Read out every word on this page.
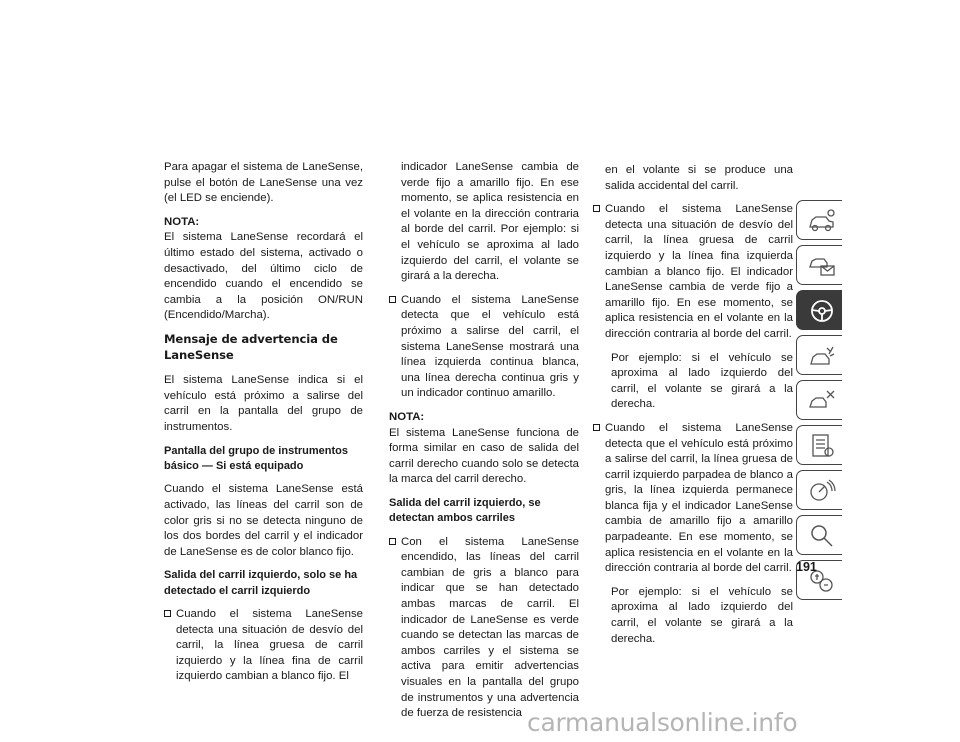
Para apagar el sistema de LaneSense, pulse el botón de LaneSense una vez (el LED se enciende).

NOTA:

El sistema LaneSense recordará el último estado del sistema, activado o desactivado, del último ciclo de encendido cuando el encendido se cambia a la posición ON/RUN (Encendido/Marcha).

Mensaje de advertencia de LaneSense

El sistema LaneSense indica si el vehículo está próximo a salirse del carril en la pantalla del grupo de instrumentos.

Pantalla del grupo de instrumentos básico — Si está equipado

Cuando el sistema LaneSense está activado, las líneas del carril son de color gris si no se detecta ninguno de los dos bordes del carril y el indicador de LaneSense es de color blanco fijo.

Salida del carril izquierdo, solo se ha detectado el carril izquierdo
Cuando el sistema LaneSense detecta una situación de desvío del carril, la línea gruesa de carril izquierdo y la línea fina de carril izquierdo cambian a blanco fijo. El
indicador LaneSense cambia de verde fijo a amarillo fijo. En ese momento, se aplica resistencia en el volante en la dirección contraria al borde del carril. Por ejemplo: si el vehículo se aproxima al lado izquierdo del carril, el volante se girará a la derecha.
Cuando el sistema LaneSense detecta que el vehículo está próximo a salirse del carril, el sistema LaneSense mostrará una línea izquierda continua blanca, una línea derecha continua gris y un indicador continuo amarillo.
NOTA:

El sistema LaneSense funciona de forma similar en caso de salida del carril derecho cuando solo se detecta la marca del carril derecho.

Salida del carril izquierdo, se detectan ambos carriles
Con el sistema LaneSense encendido, las líneas del carril cambian de gris a blanco para indicar que se han detectado ambas marcas de carril. El indicador de LaneSense es verde cuando se detectan las marcas de ambos carriles y el sistema se activa para emitir advertencias visuales en la pantalla del grupo de instrumentos y una advertencia de fuerza de resistencia
en el volante si se produce una salida accidental del carril.
Cuando el sistema LaneSense detecta una situación de desvío del carril, la línea gruesa de carril izquierdo y la línea fina izquierda cambian a blanco fijo. El indicador LaneSense cambia de verde fijo a amarillo fijo. En ese momento, se aplica resistencia en el volante en la dirección contraria al borde del carril.
Por ejemplo: si el vehículo se aproxima al lado izquierdo del carril, el volante se girará a la derecha.
Cuando el sistema LaneSense detecta que el vehículo está próximo a salirse del carril, la línea gruesa de carril izquierdo parpadea de blanco a gris, la línea izquierda permanece blanca fija y el indicador LaneSense cambia de amarillo fijo a amarillo parpadeante. En ese momento, se aplica resistencia en el volante en la dirección contraria al borde del carril.
Por ejemplo: si el vehículo se aproxima al lado izquierdo del carril, el volante se girará a la derecha.
191
carmanualsonline.info
